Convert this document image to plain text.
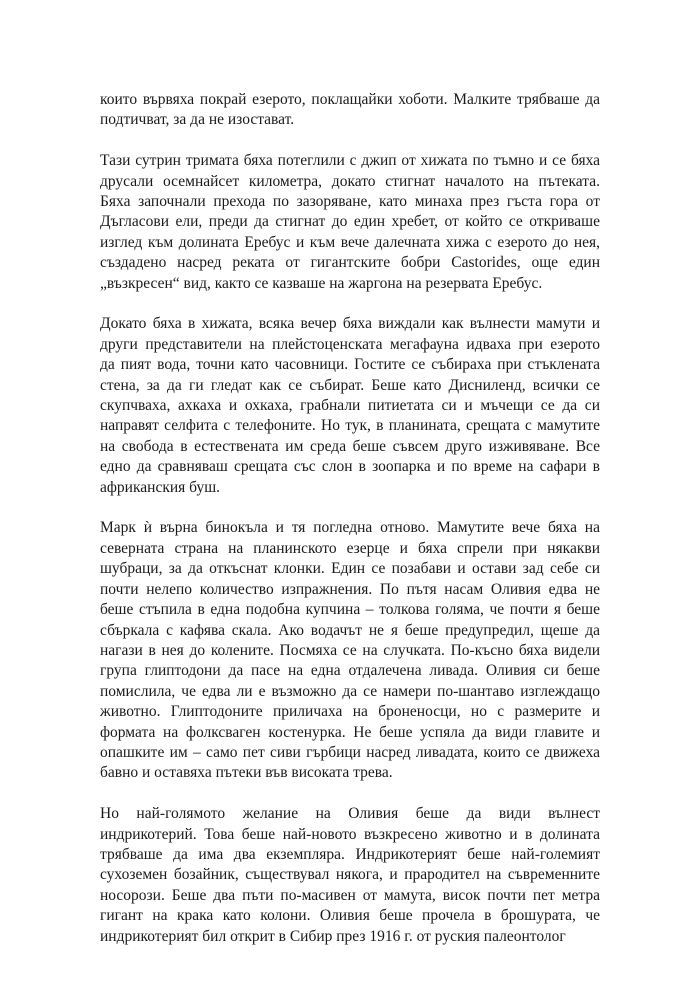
които вървяха покрай езерото, поклащайки хоботи. Малките трябваше да
подтичват, за да не изостават.
Тази сутрин тримата бяха потеглили с джип от хижата по тъмно и се бяха
друсали осемнайсет километра, докато стигнат началото на пътеката.
Бяха започнали прехода по зазоряване, като минаха през гъста гора от
Дъгласови ели, преди да стигнат до един хребет, от който се откриваше
изглед към долината Еребус и към вече далечната хижа с езерото до нея,
създадено насред реката от гигантските бобри Castorides, още един
„възкресен“ вид, както се казваше на жаргона на резервата Еребус.
Докато бяха в хижата, всяка вечер бяха виждали как вълнести мамути и
други представители на плейстоценската мегафауна идваха при езерото
да пият вода, точни като часовници. Гостите се събираха при стъклената
стена, за да ги гледат как се събират. Беше като Дисниленд, всички се
скупчваха, ахкаха и охкаха, грабнали питиетата си и мъчещи се да си
направят селфита с телефоните. Но тук, в планината, срещата с мамутите
на свобода в естествената им среда беше съвсем друго изживяване. Все
едно да сравняваш срещата със слон в зоопарка и по време на сафари в
африканския буш.
Марк ѝ върна бинокъла и тя погледна отново. Мамутите вече бяха на
северната страна на планинското езерце и бяха спрели при някакви
шубраци, за да откъснат клонки. Един се позабави и остави зад себе си
почти нелепо количество изпражнения. По пътя насам Оливия едва не
беше стъпила в една подобна купчина – толкова голяма, че почти я беше
сбъркала с кафява скала. Ако водачът не я беше предупредил, щеше да
нагази в нея до колените. Посмяха се на случката. По-късно бяха видели
група глиптодони да пасе на една отдалечена ливада. Оливия си беше
помислила, че едва ли е възможно да се намери по-шантаво изглеждащо
животно. Глиптодоните приличаха на броненосци, но с размерите и
формата на фолксваген костенурка. Не беше успяла да види главите и
опашките им – само пет сиви гърбици насред ливадата, които се движеха
бавно и оставяха пътеки във високата трева.
Но най-голямото желание на Оливия беше да види вълнест
индрикотерий. Това беше най-новото възкресено животно и в долината
трябваше да има два екземпляра. Индрикотерият беше най-големият
сухоземен бозайник, съществувал някога, и прародител на съвременните
носорози. Беше два пъти по-масивен от мамута, висок почти пет метра
гигант на крака като колони. Оливия беше прочела в брошурата, че
индрикотерият бил открит в Сибир през 1916 г. от руския палеонтолог
